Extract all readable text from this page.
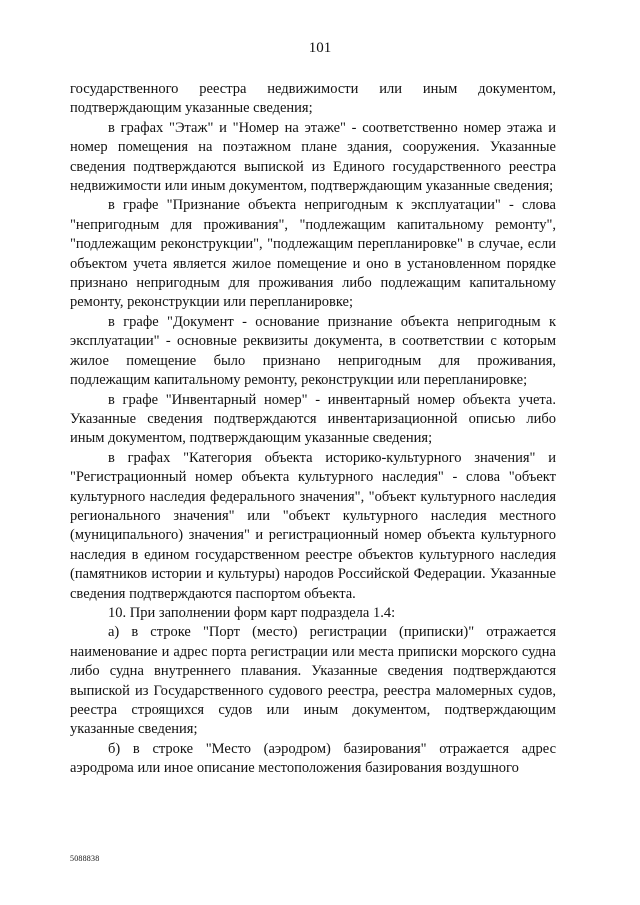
101

государственного реестра недвижимости или иным документом, подтверждающим указанные сведения;

в графах "Этаж" и "Номер на этаже" - соответственно номер этажа и номер помещения на поэтажном плане здания, сооружения. Указанные сведения подтверждаются выпиской из Единого государственного реестра недвижимости или иным документом, подтверждающим указанные сведения;

в графе "Признание объекта непригодным к эксплуатации" - слова "непригодным для проживания", "подлежащим капитальному ремонту", "подлежащим реконструкции", "подлежащим перепланировке" в случае, если объектом учета является жилое помещение и оно в установленном порядке признано непригодным для проживания либо подлежащим капитальному ремонту, реконструкции или перепланировке;

в графе "Документ - основание признание объекта непригодным к эксплуатации" - основные реквизиты документа, в соответствии с которым жилое помещение было признано непригодным для проживания, подлежащим капитальному ремонту, реконструкции или перепланировке;

в графе "Инвентарный номер" - инвентарный номер объекта учета. Указанные сведения подтверждаются инвентаризационной описью либо иным документом, подтверждающим указанные сведения;

в графах "Категория объекта историко-культурного значения" и "Регистрационный номер объекта культурного наследия" - слова "объект культурного наследия федерального значения", "объект культурного наследия регионального значения" или "объект культурного наследия местного (муниципального) значения" и регистрационный номер объекта культурного наследия в едином государственном реестре объектов культурного наследия (памятников истории и культуры) народов Российской Федерации. Указанные сведения подтверждаются паспортом объекта.

10. При заполнении форм карт подраздела 1.4:

а) в строке "Порт (место) регистрации (приписки)" отражается наименование и адрес порта регистрации или места приписки морского судна либо судна внутреннего плавания. Указанные сведения подтверждаются выпиской из Государственного судового реестра, реестра маломерных судов, реестра строящихся судов или иным документом, подтверждающим указанные сведения;

б) в строке "Место (аэродром) базирования" отражается адрес аэродрома или иное описание местоположения базирования воздушного

5088838
